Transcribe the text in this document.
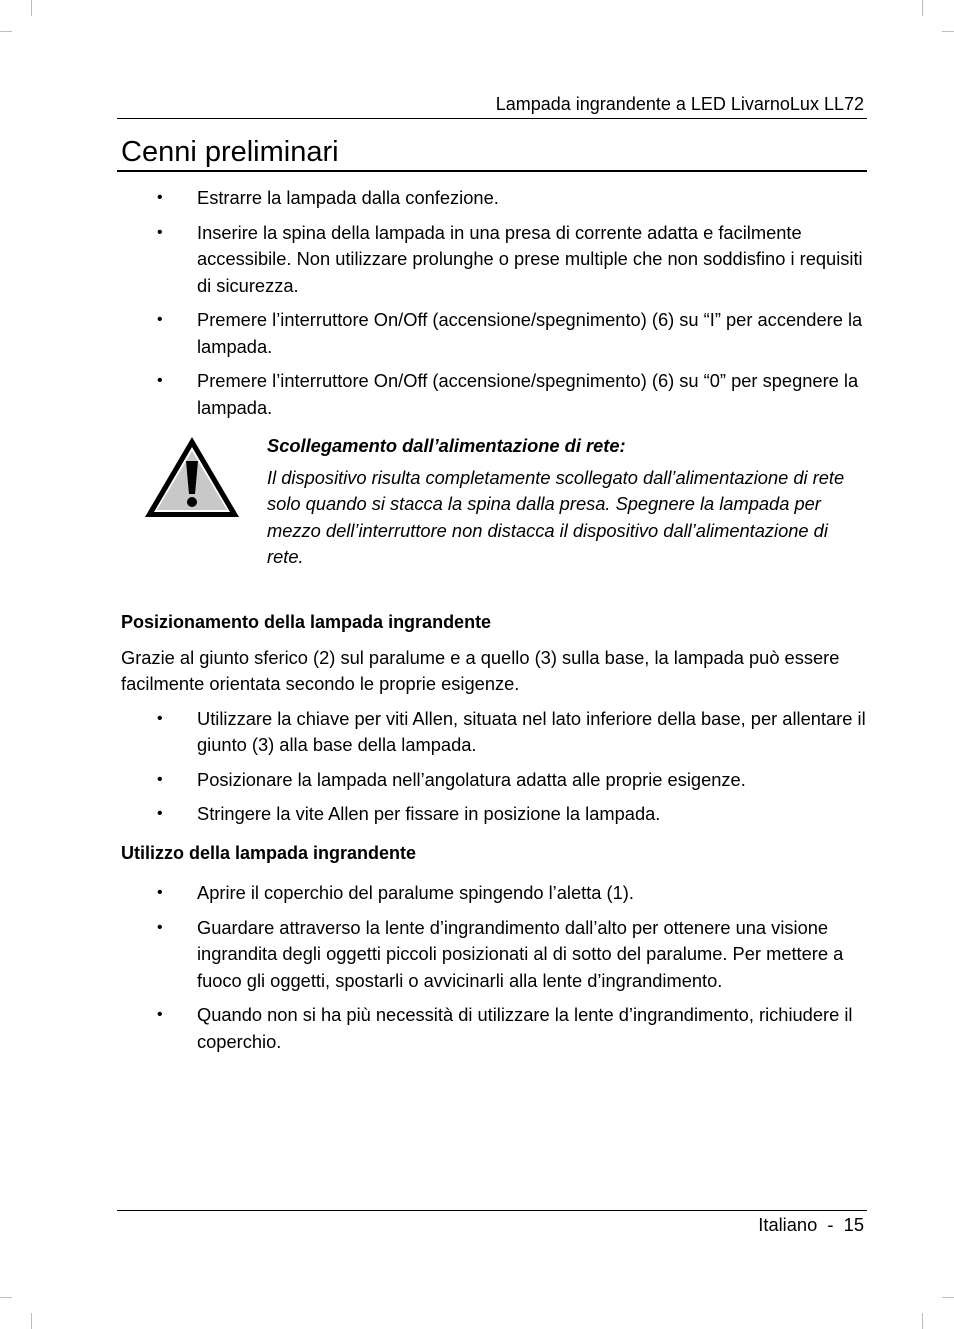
Lampada ingrandente a LED LivarnoLux LL72
Cenni preliminari
• Estrarre la lampada dalla confezione.
• Inserire la spina della lampada in una presa di corrente adatta e facilmente accessibile. Non utilizzare prolunghe o prese multiple che non soddisfino i requisiti di sicurezza.
• Premere l’interruttore On/Off (accensione/spegnimento) (6) su “I” per accendere la lampada.
• Premere l’interruttore On/Off (accensione/spegnimento) (6) su “0” per spegnere la lampada.
Scollegamento dall’alimentazione di rete:
Il dispositivo risulta completamente scollegato dall’alimentazione di rete solo quando si stacca la spina dalla presa. Spegnere la lampada per mezzo dell’interruttore non distacca il dispositivo dall’alimentazione di rete.
Posizionamento della lampada ingrandente
Grazie al giunto sferico (2) sul paralume e a quello (3) sulla base, la lampada può essere facilmente orientata secondo le proprie esigenze.
• Utilizzare la chiave per viti Allen, situata nel lato inferiore della base, per allentare il giunto (3) alla base della lampada.
• Posizionare la lampada nell’angolatura adatta alle proprie esigenze.
• Stringere la vite Allen per fissare in posizione la lampada.
Utilizzo della lampada ingrandente
• Aprire il coperchio del paralume spingendo l’aletta (1).
• Guardare attraverso la lente d’ingrandimento dall’alto per ottenere una visione ingrandita degli oggetti piccoli posizionati al di sotto del paralume. Per mettere a fuoco gli oggetti, spostarli o avvicinarli alla lente d’ingrandimento.
• Quando non si ha più necessità di utilizzare la lente d’ingrandimento, richiudere il coperchio.
Italiano  -  15
